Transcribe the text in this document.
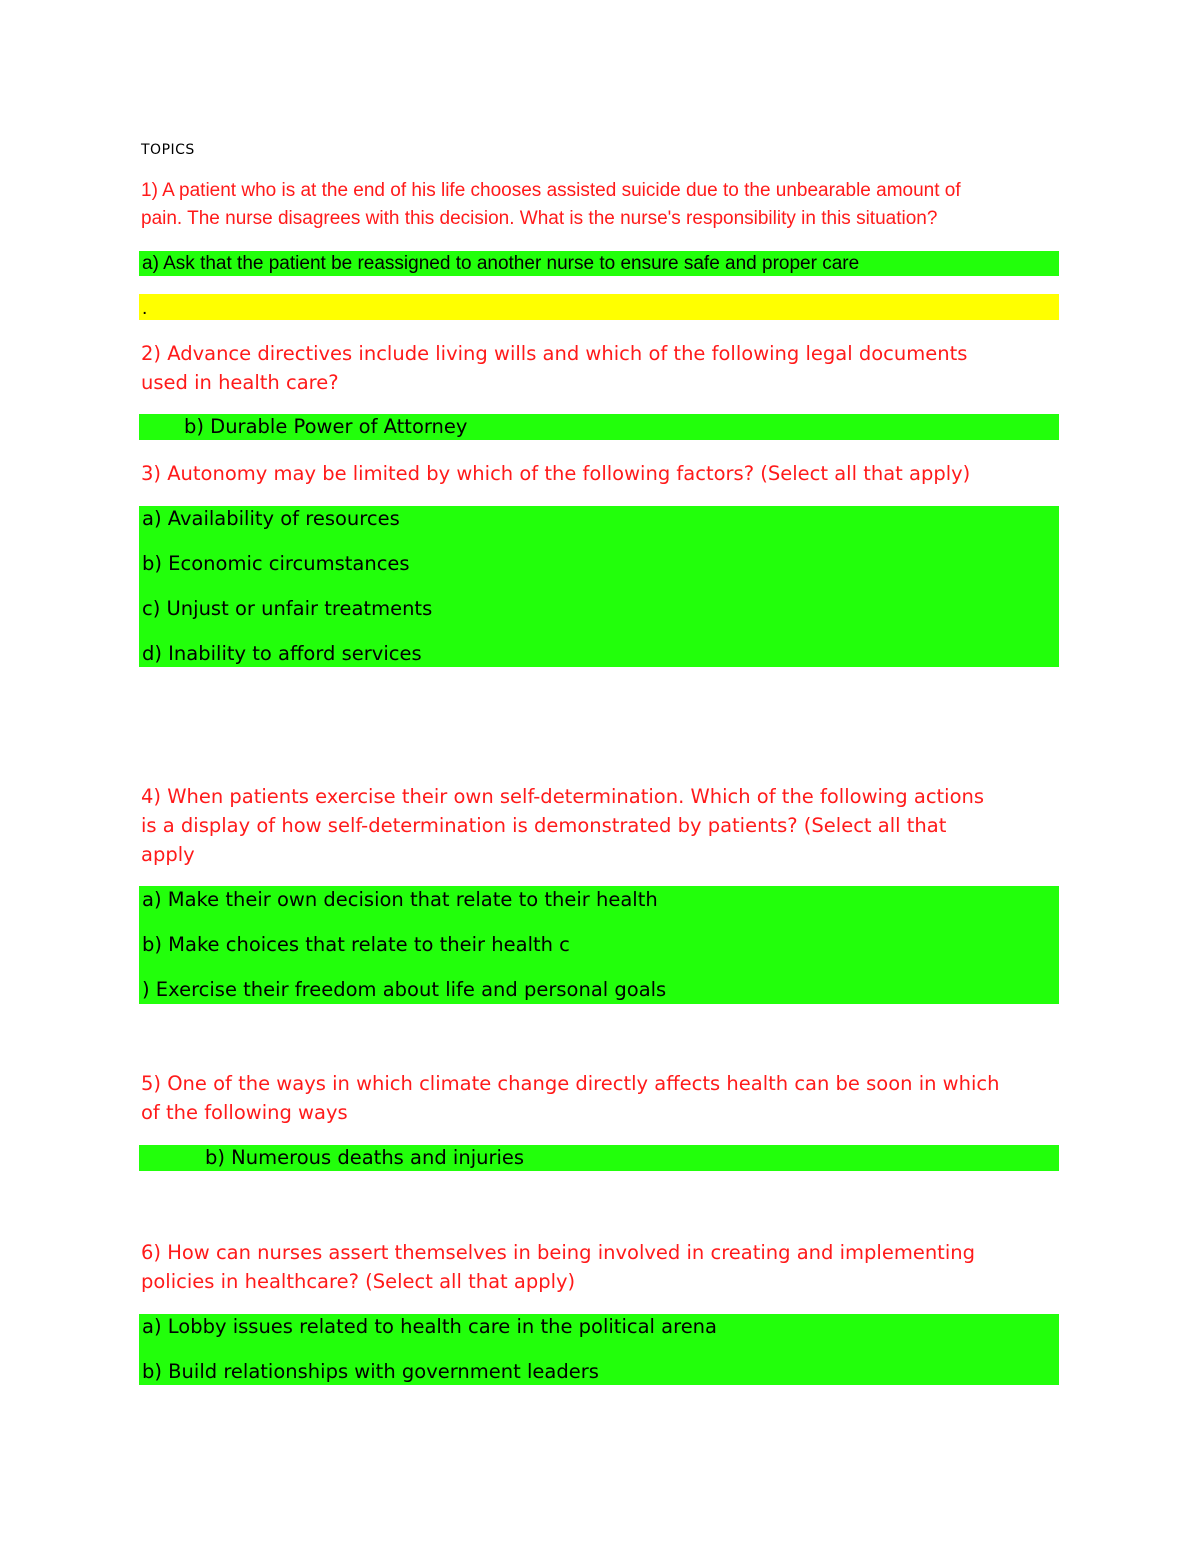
TOPICS
1) A patient who is at the end of his life chooses assisted suicide due to the unbearable amount of
pain. The nurse disagrees with this decision. What is the nurse's responsibility in this situation?
a) Ask that the patient be reassigned to another nurse to ensure safe and proper care
.
2) Advance directives include living wills and which of the following legal documents
used in health care?
b) Durable Power of Attorney
3) Autonomy may be limited by which of the following factors? (Select all that apply)
a) Availability of resources
b) Economic circumstances
c) Unjust or unfair treatments
d) Inability to afford services
4) When patients exercise their own self-determination. Which of the following actions
is a display of how self-determination is demonstrated by patients? (Select all that
apply
a) Make their own decision that relate to their health
b) Make choices that relate to their health c
) Exercise their freedom about life and personal goals
5) One of the ways in which climate change directly affects health can be soon in which
of the following ways
b) Numerous deaths and injuries
6) How can nurses assert themselves in being involved in creating and implementing
policies in healthcare? (Select all that apply)
a) Lobby issues related to health care in the political arena
b) Build relationships with government leaders
